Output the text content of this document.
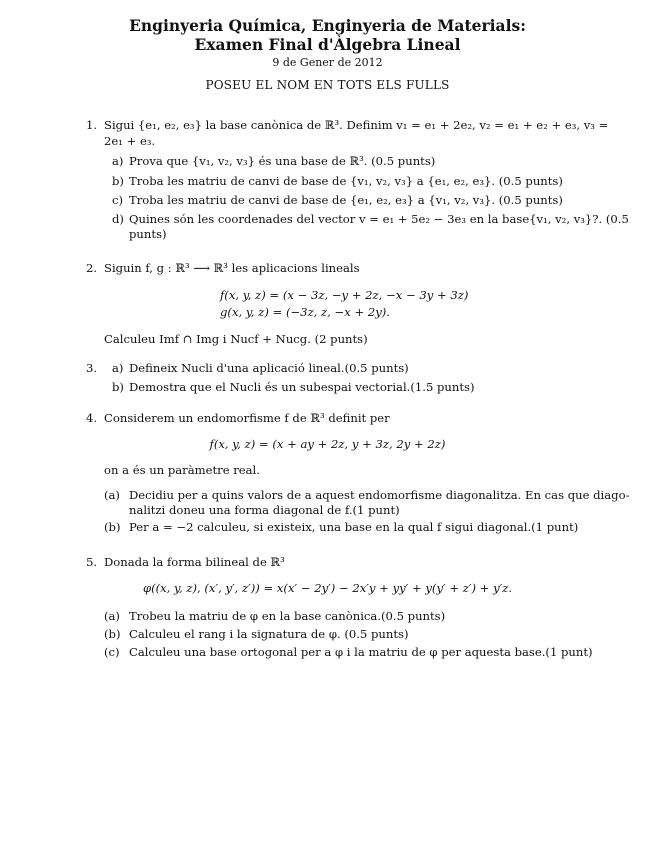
Enginyeria Química, Enginyeria de Materials:
Examen Final d'Àlgebra Lineal
9 de Gener de 2012
POSEU EL NOM EN TOTS ELS FULLS
1. Sigui {e₁, e₂, e₃} la base canònica de ℝ³. Definim v₁ = e₁ + 2e₂, v₂ = e₁ + e₂ + e₃, v₃ =
2e₁ + e₃.
a) Prova que {v₁, v₂, v₃} és una base de ℝ³. (0.5 punts)
b) Troba les matriu de canvi de base de {v₁, v₂, v₃} a {e₁, e₂, e₃}. (0.5 punts)
c) Troba les matriu de canvi de base de {e₁, e₂, e₃} a {v₁, v₂, v₃}. (0.5 punts)
d) Quines són les coordenades del vector v = e₁ + 5e₂ − 3e₃ en la base{v₁, v₂, v₃}?. (0.5
punts)
2. Siguin f, g : ℝ³ ⟶ ℝ³ les aplicacions lineals
f(x, y, z) = (x − 3z, −y + 2z, −x − 3y + 3z)
g(x, y, z) = (−3z, z, −x + 2y).
Calculeu Imf ∩ Img i Nucf + Nucg. (2 punts)
3. a) Defineix Nucli d'una aplicació lineal.(0.5 punts)
b) Demostra que el Nucli és un subespai vectorial.(1.5 punts)
4. Considerem un endomorfisme f de ℝ³ definit per
f(x, y, z) = (x + ay + 2z, y + 3z, 2y + 2z)
on a és un paràmetre real.
(a) Decidiu per a quins valors de a aquest endomorfisme diagonalitza. En cas que diago-
nalitzi doneu una forma diagonal de f.(1 punt)
(b) Per a = −2 calculeu, si existeix, una base en la qual f sigui diagonal.(1 punt)
5. Donada la forma bilineal de ℝ³
φ((x, y, z), (x′, y′, z′)) = x(x′ − 2y′) − 2x′y + yy′ + y(y′ + z′) + y′z.
(a) Trobeu la matriu de φ en la base canònica.(0.5 punts)
(b) Calculeu el rang i la signatura de φ. (0.5 punts)
(c) Calculeu una base ortogonal per a φ i la matriu de φ per aquesta base.(1 punt)
